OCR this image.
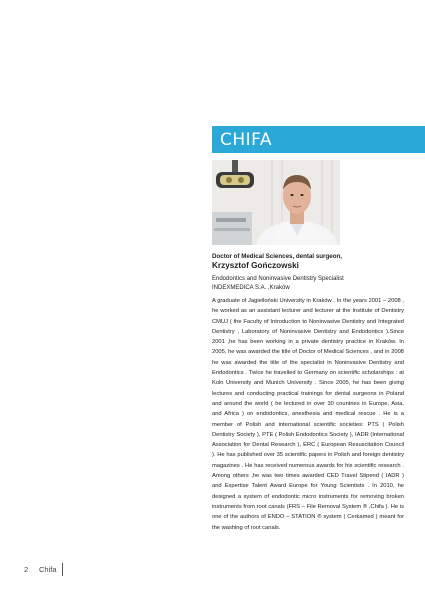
CHIFA

Doctor of Medical Sciences, dental surgeon,

Krzysztof Gończowski

Endodontics and Noninvasive Dentistry Specialist

INDEXMEDICA S.A. ,Kraków

A graduate of Jagielloński University in Kraków . In the years 2001 – 2008 , he worked as an assistant lecturer and lecturer at the Institute of Dentistry CMUJ ( the Faculty of Introduction to Noninvasive Dentistry and Integrated Dentistry , Laboratory of Noninvasive Dentistry and Endodontics ).Since 2001 ,he has been working in a private dentistry practice in Kraków. In 2005, he was awarded the title of Doctor of Medical Sciences , and in 2008 he was awarded the title of the specialist in Noninvasive Dentistry and Endodontics . Twice he travelled to Germany on scientific scholarships : at Koln University and Munich University . Since 2005, he has been giving lectures and conducting practical trainings for dental surgeons in Poland and around the world ( he lectured in over 30 countries in Europe, Asia, and Africa ) on endodontics, anesthesia and medical rescue . He is a member of Polish and international scientific societies: PTS ( Polish Dentistry Society ), PTE ( Polish Endodontics Society ), IADR (International Association for Dental Research ), ERC ( European Resuscitation Council ). He has published over 35 scientific papers in Polish and foreign dentistry magazines . He has received numerous awards for his scientific research . Among others ,he was two times awarded CED Travel Stipend ( IADR ) and Expertise Talent Award Europe for Young Scientists . In 2010, he designed a system of endodontic micro instruments for removing broken instruments from root canals (FRS – File Removal System ® ,Chifa ). He is one of the authors of ENDO – STATION ® system ( Cerkamed ) meant for the washing of root canals.

2 Chifa
